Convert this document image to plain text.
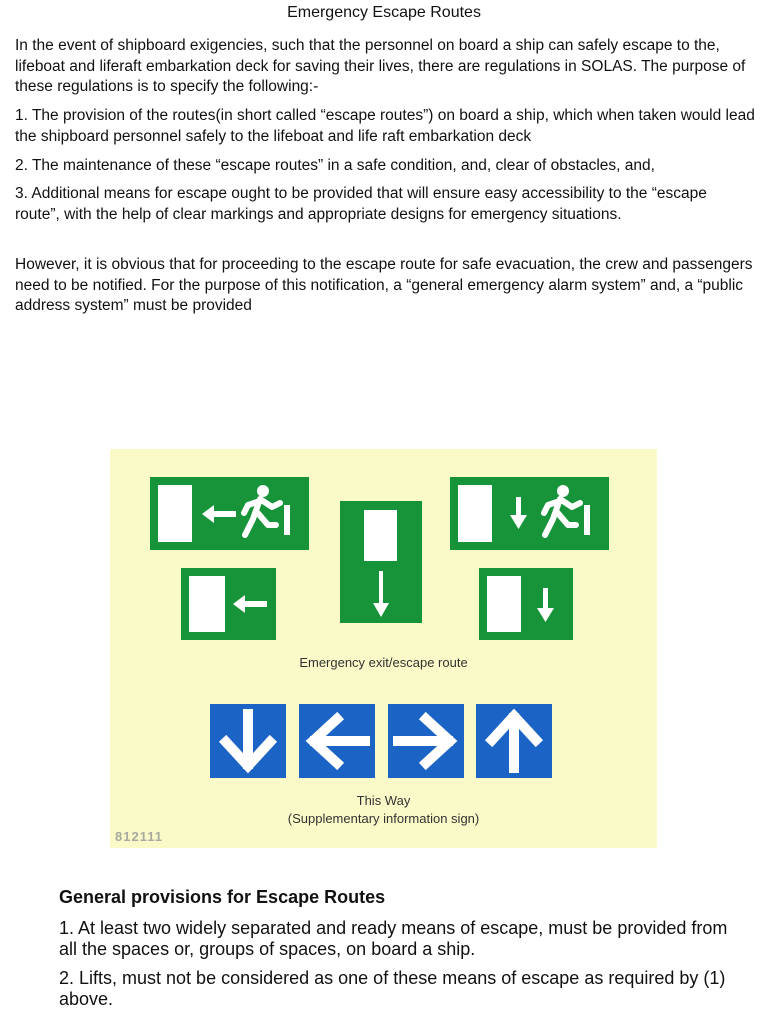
Emergency Escape Routes

In the event of shipboard exigencies, such that the personnel on board a ship can safely escape to the, lifeboat and liferaft embarkation deck for saving their lives, there are regulations in SOLAS. The purpose of these regulations is to specify the following:-

1. The provision of the routes(in short called “escape routes”) on board a ship, which when taken would lead the shipboard personnel safely to the lifeboat and life raft embarkation deck

2. The maintenance of these “escape routes” in a safe condition, and, clear of obstacles, and,

3. Additional means for escape ought to be provided that will ensure easy accessibility to the “escape route”, with the help of clear markings and appropriate designs for emergency situations.

However, it is obvious that for proceeding to the escape route for safe evacuation, the crew and passengers need to be notified. For the purpose of this notification, a “general emergency alarm system” and, a “public address system” must be provided

Emergency exit/escape route
This Way
(Supplementary information sign)
812111
General provisions for Escape Routes

1. At least two widely separated and ready means of escape, must be provided from all the spaces or, groups of spaces, on board a ship.

2. Lifts, must not be considered as one of these means of escape as required by (1) above.
